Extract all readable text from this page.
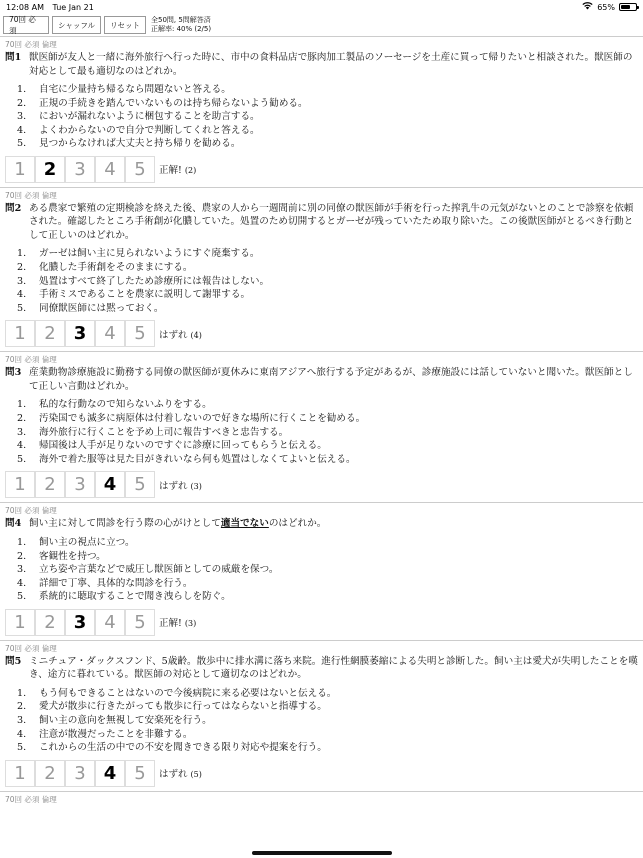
12:08 AM Tue Jan 21	65%
70回 必須
シャッフル	リセット
全50問, 5問解答済
正解率: 40% (2/5)
70回 必須 倫理
問1 獣医師が友人と一緒に海外旅行へ行った時に、市中の食料品店で豚肉加工製品のソーセージを土産に買って帰りたいと相談された。獣医師の対応として最も適切なのはどれか。
1. 自宅に少量持ち帰るなら問題ないと答える。
2. 正規の手続きを踏んでいないものは持ち帰らないよう勧める。
3. においが漏れないように梱包することを助言する。
4. よくわからないので自分で判断してくれと答える。
5. 見つからなければ大丈夫と持ち帰りを勧める。
1	2	3	4	5	正解! (2)
70回 必須 倫理
問2 ある農家で繁殖の定期検診を終えた後、農家の人から一週間前に別の同僚の獣医師が手術を行った搾乳牛の元気がないとのことで診察を依頼された。確認したところ手術創が化膿していた。処置のため切開するとガーゼが残っていたため取り除いた。この後獣医師がとるべき行動として正しいのはどれか。
1. ガーゼは飼い主に見られないようにすぐ廃棄する。
2. 化膿した手術創をそのままにする。
3. 処置はすべて終了したため診療所には報告はしない。
4. 手術ミスであることを農家に説明して謝罪する。
5. 同僚獣医師には黙っておく。
1	2	3	4	5	はずれ (4)
70回 必須 倫理
問3 産業動物診療施設に勤務する同僚の獣医師が夏休みに東南アジアへ旅行する予定があるが、診療施設には話していないと聞いた。獣医師として正しい言動はどれか。
1. 私的な行動なので知らないふりをする。
2. 汚染国でも滅多に病原体は付着しないので好きな場所に行くことを勧める。
3. 海外旅行に行くことを予め上司に報告すべきと忠告する。
4. 帰国後は人手が足りないのですぐに診療に回ってもらうと伝える。
5. 海外で着た服等は見た目がきれいなら何も処置はしなくてよいと伝える。
1	2	3	4	5	はずれ (3)
70回 必須 倫理
問4 飼い主に対して問診を行う際の心がけとして適当でないのはどれか。
1. 飼い主の視点に立つ。
2. 客観性を持つ。
3. 立ち姿や言葉などで威圧し獣医師としての威厳を保つ。
4. 詳細で丁寧、具体的な問診を行う。
5. 系統的に聴取することで聞き洩らしを防ぐ。
1	2	3	4	5	正解! (3)
70回 必須 倫理
問5 ミニチュア・ダックスフンド、5歳齢。散歩中に排水溝に落ち来院。進行性網膜萎縮による失明と診断した。飼い主は愛犬が失明したことを嘆き、途方に暮れている。獣医師の対応として適切なのはどれか。
1. もう何もできることはないので今後病院に来る必要はないと伝える。
2. 愛犬が散歩に行きたがっても散歩に行ってはならないと指導する。
3. 飼い主の意向を無視して安楽死を行う。
4. 注意が散漫だったことを非難する。
5. これからの生活の中での不安を聞きできる限り対応や提案を行う。
1	2	3	4	5	はずれ (5)
70回 必須 倫理
